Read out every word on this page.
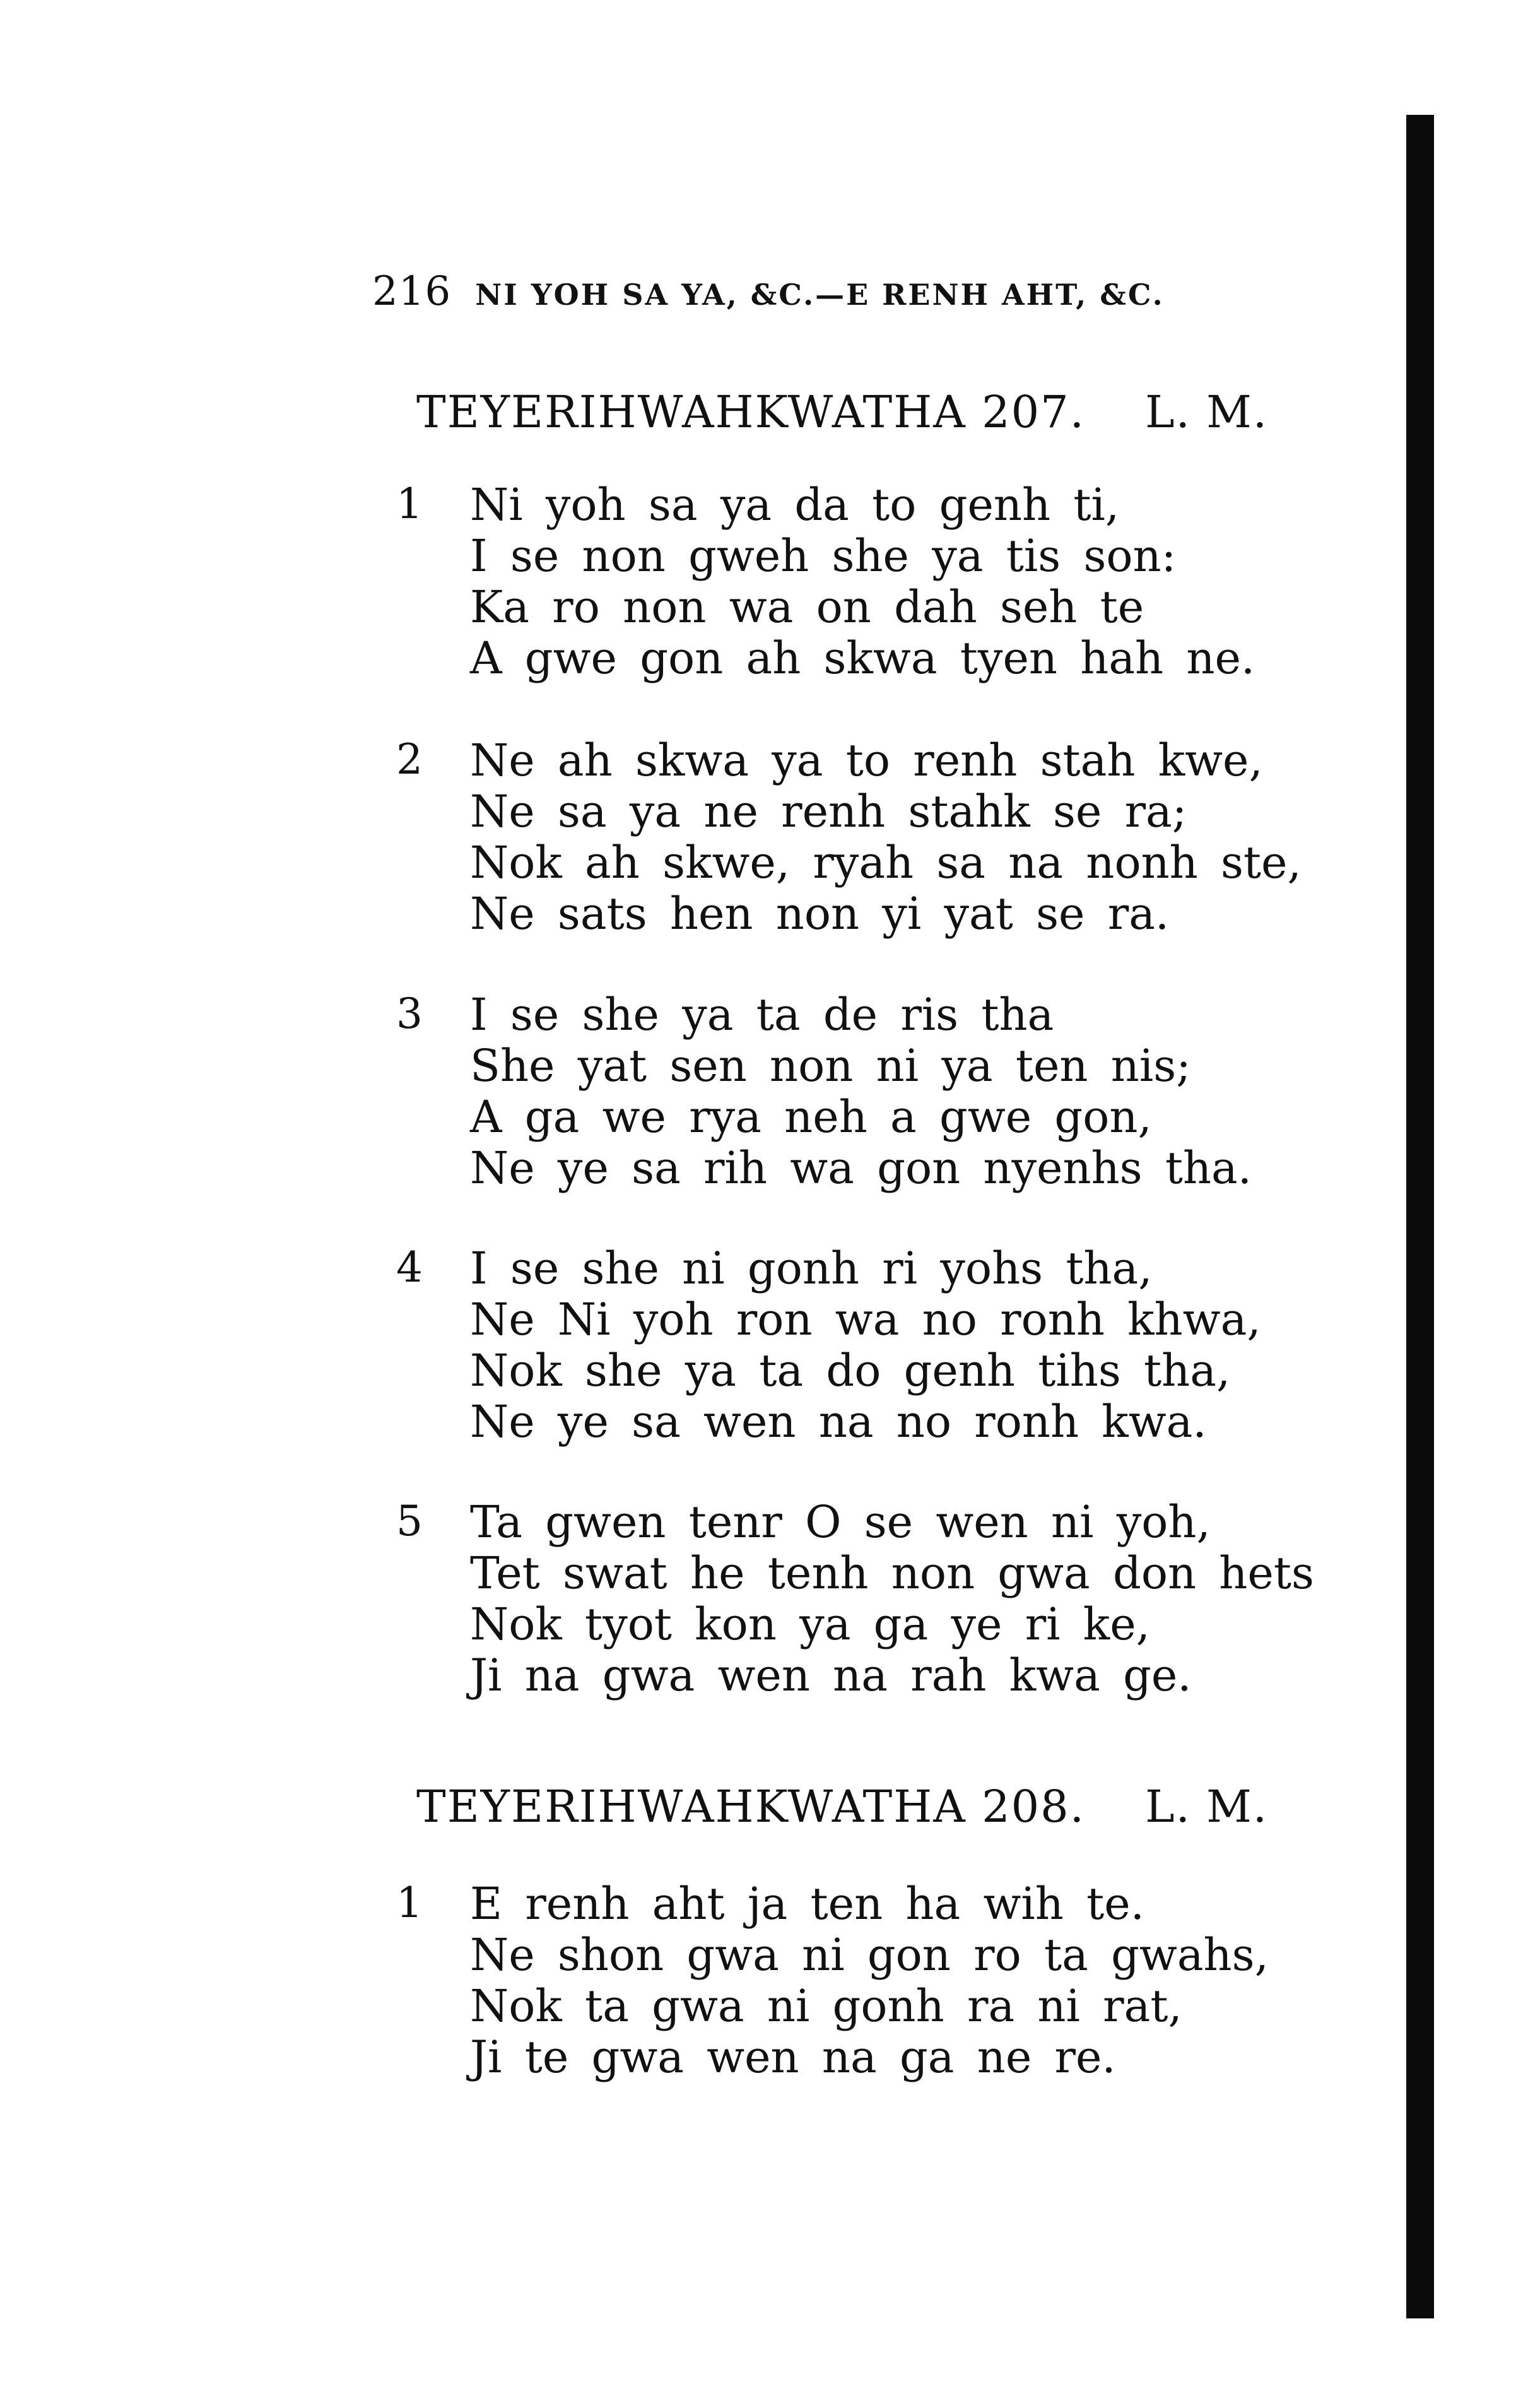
216 NI YOH SA YA, &C.—E RENH AHT, &C.
TEYERIHWAHKWATHA 207. L. M.
1 Ni yoh sa ya da to genh ti,
I se non gweh she ya tis son:
Ka ro non wa on dah seh te
A gwe gon ah skwa tyen hah ne.
2 Ne ah skwa ya to renh stah kwe,
Ne sa ya ne renh stahk se ra;
Nok ah skwe, ryah sa na nonh ste,
Ne sats hen non yi yat se ra.
3 I se she ya ta de ris tha
She yat sen non ni ya ten nis;
A ga we rya neh a gwe gon,
Ne ye sa rih wa gon nyenhs tha.
4 I se she ni gonh ri yohs tha,
Ne Ni yoh ron wa no ronh khwa,
Nok she ya ta do genh tihs tha,
Ne ye sa wen na no ronh kwa.
5 Ta gwen tenr O se wen ni yoh,
Tet swat he tenh non gwa don hets
Nok tyot kon ya ga ye ri ke,
Ji na gwa wen na rah kwa ge.
TEYERIHWAHKWATHA 208. L. M.
1 E renh aht ja ten ha wih te.
Ne shon gwa ni gon ro ta gwahs,
Nok ta gwa ni gonh ra ni rat,
Ji te gwa wen na ga ne re.
